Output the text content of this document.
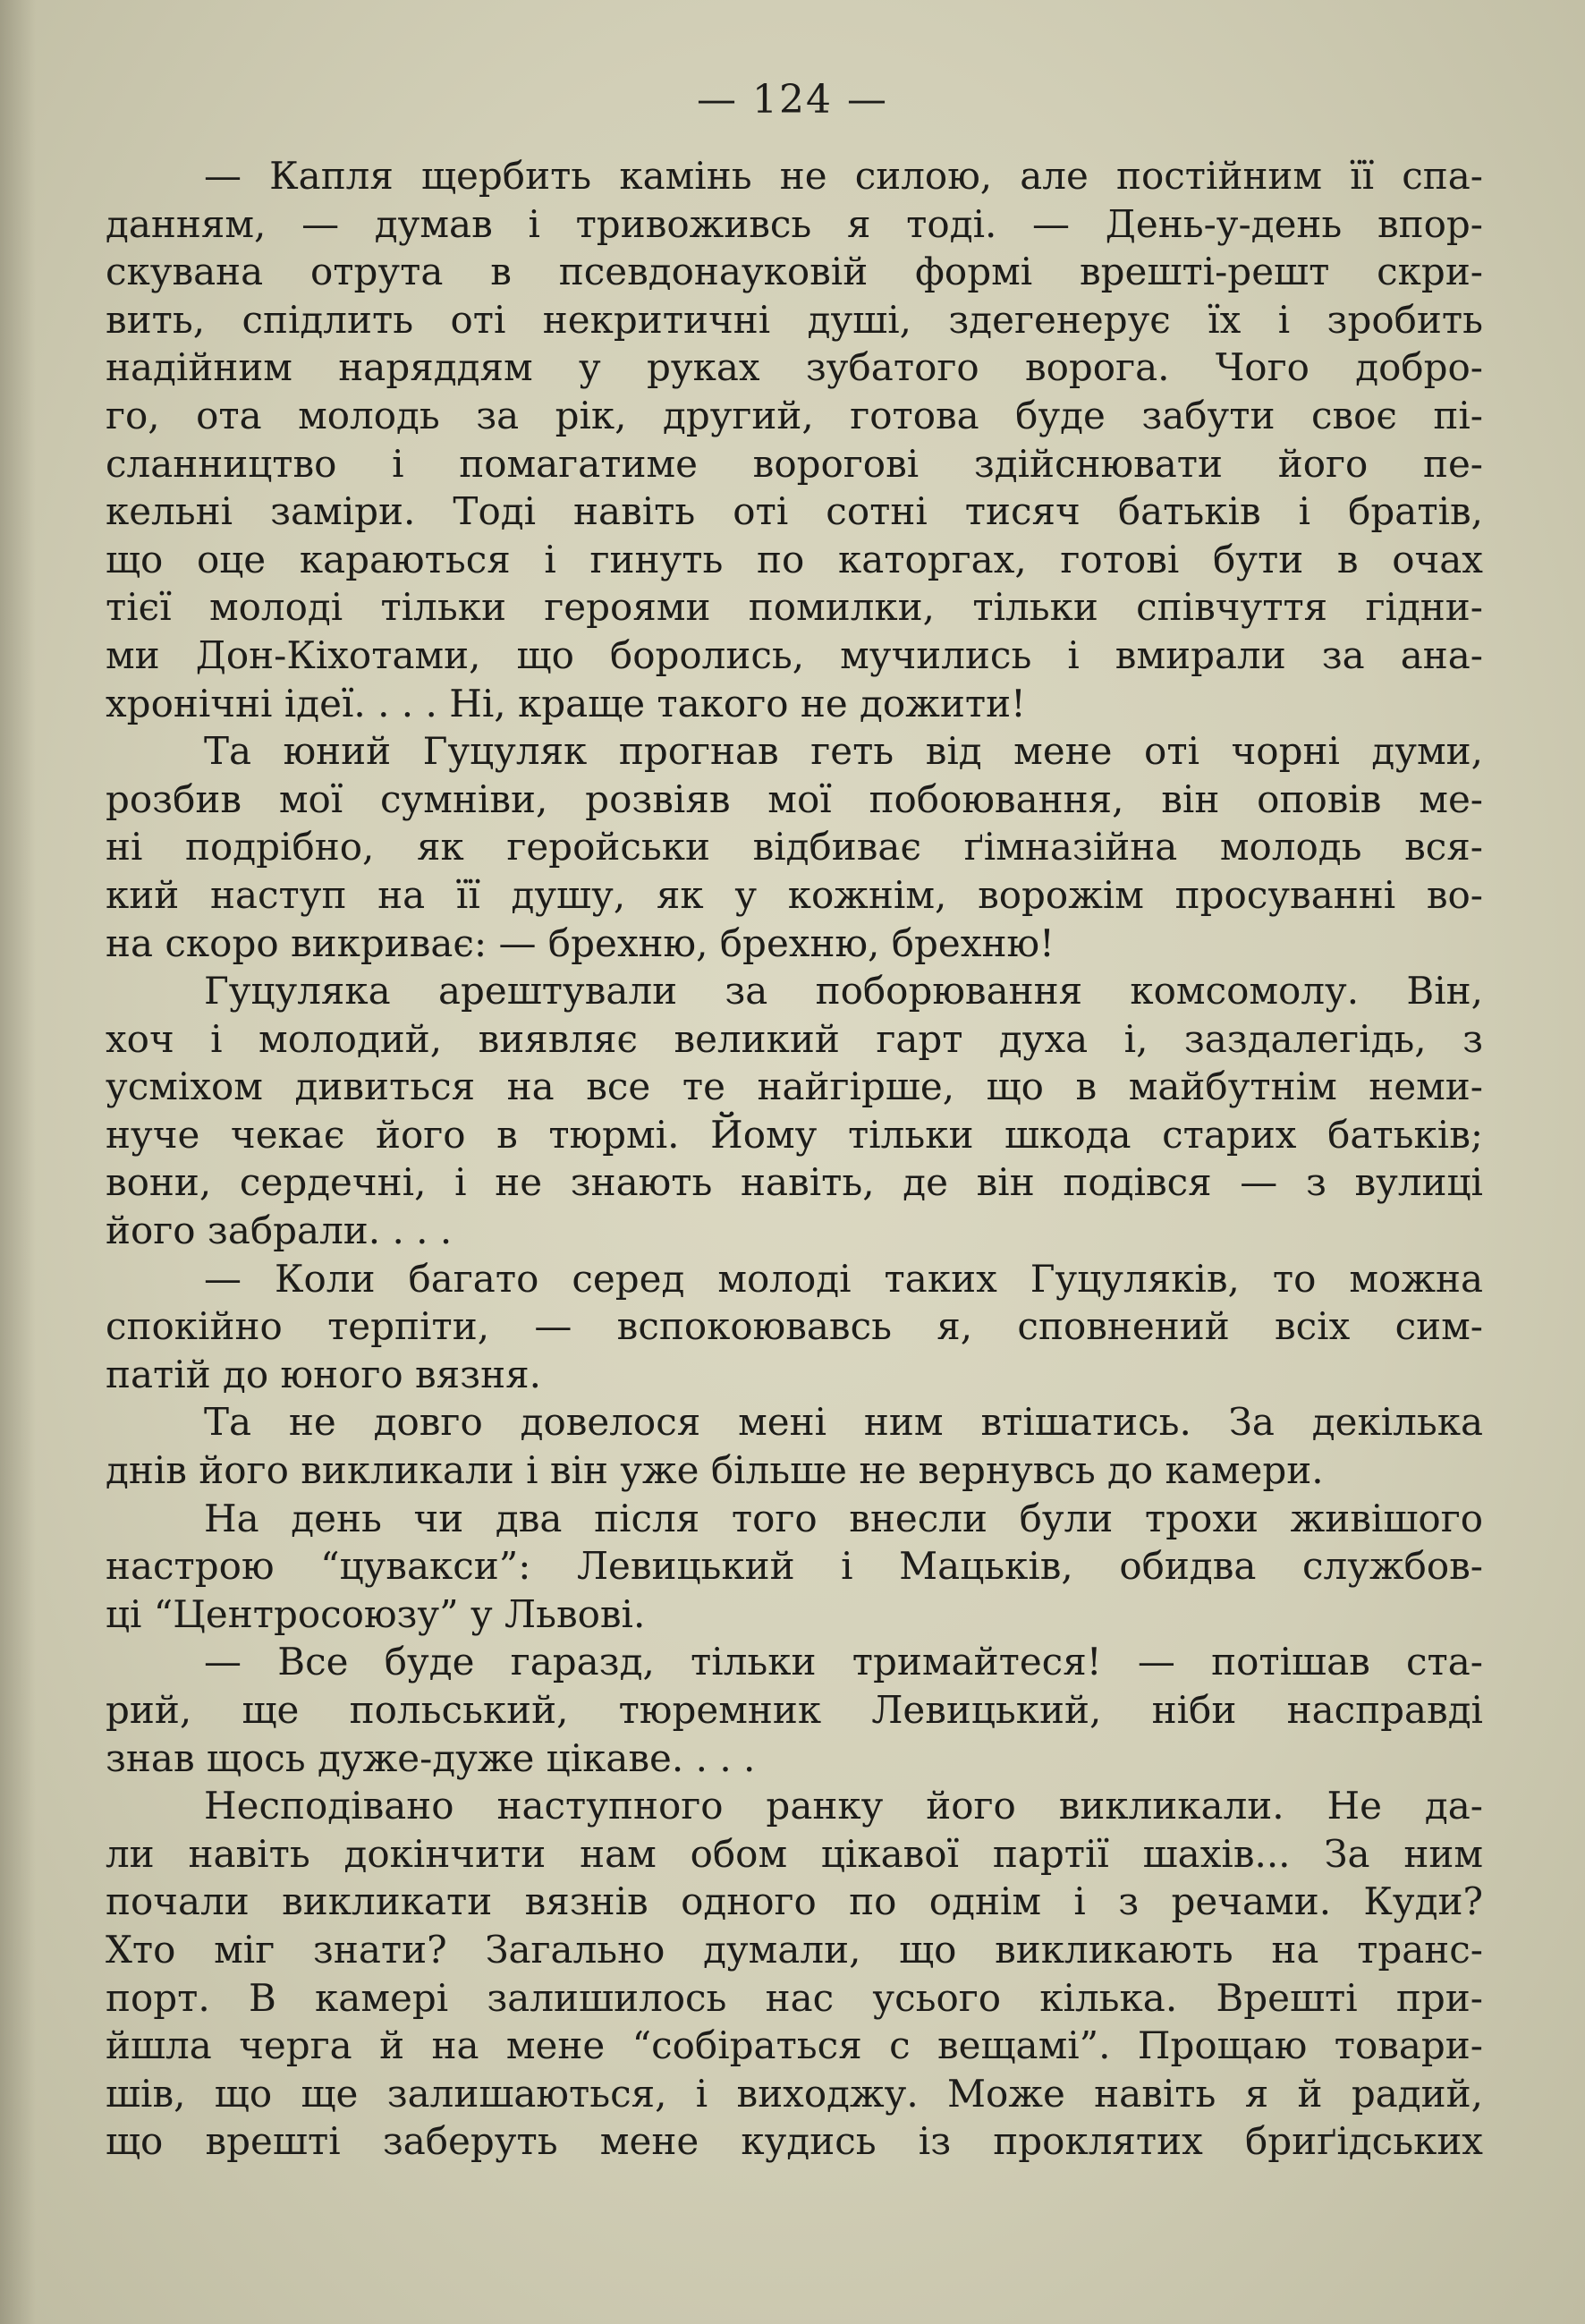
— 124 —
— Капля щербить камінь не силою, але постійним її спа-
данням, — думав і тривоживсь я тоді. — День-у-день впор-
скувана отрута в псевдонауковій формі врешті-решт скри-
вить, спідлить оті некритичні душі, здегенерує їх і зробить
надійним наряддям у руках зубатого ворога. Чого добро-
го, ота молодь за рік, другий, готова буде забути своє пі-
сланництво і помагатиме ворогові здійснювати його пе-
кельні заміри. Тоді навіть оті сотні тисяч батьків і братів,
що оце караються і гинуть по каторгах, готові бути в очах
тієї молоді тільки героями помилки, тільки співчуття гідни-
ми Дон-Кіхотами, що боролись, мучились і вмирали за ана-
хронічні ідеї. . . . Ні, краще такого не дожити!
Та юний Гуцуляк прогнав геть від мене оті чорні думи,
розбив мої сумніви, розвіяв мої побоювання, він оповів ме-
ні подрібно, як геройськи відбиває ґімназійна молодь вся-
кий наступ на її душу, як у кожнім, ворожім просуванні во-
на скоро викриває: — брехню, брехню, брехню!
Гуцуляка арештували за поборювання комсомолу. Він,
хоч і молодий, виявляє великий гарт духа і, заздалегідь, з
усміхом дивиться на все те найгірше, що в майбутнім неми-
нуче чекає його в тюрмі. Йому тільки шкода старих батьків;
вони, сердечні, і не знають навіть, де він подівся — з вулиці
його забрали. . . .
— Коли багато серед молоді таких Гуцуляків, то можна
спокійно терпіти, — вспокоювавсь я, сповнений всіх сим-
патій до юного вязня.
Та не довго довелося мені ним втішатись. За декілька
днів його викликали і він уже більше не вернувсь до камери.
На день чи два після того внесли були трохи живішого
настрою “цувакси”: Левицький і Мацьків, обидва службов-
ці “Центросоюзу” у Львові.
— Все буде гаразд, тільки тримайтеся! — потішав ста-
рий, ще польський, тюремник Левицький, ніби насправді
знав щось дуже-дуже цікаве. . . .
Несподівано наступного ранку його викликали. Не да-
ли навіть докінчити нам обом цікавої партії шахів... За ним
почали викликати вязнів одного по однім і з речами. Куди?
Хто міг знати? Загально думали, що викликають на транс-
порт. В камері залишилось нас усього кілька. Врешті при-
йшла черга й на мене “собіраться с вещамі”. Прощаю товари-
шів, що ще залишаються, і виходжу. Може навіть я й радий,
що врешті заберуть мене кудись із проклятих бриґідських
